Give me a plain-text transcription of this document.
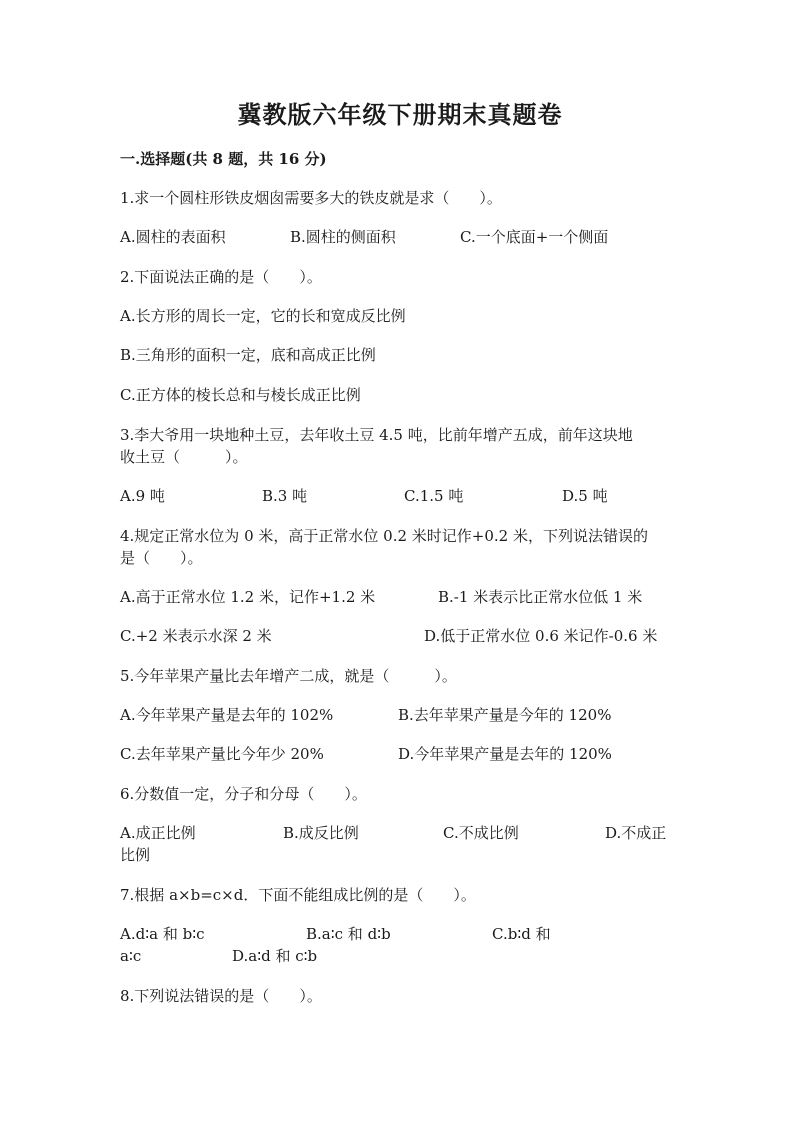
冀教版六年级下册期末真题卷
一.选择题(共 8 题，共 16 分)
1.求一个圆柱形铁皮烟囱需要多大的铁皮就是求（　　）。
A.圆柱的表面积	B.圆柱的侧面积	C.一个底面+一个侧面
2.下面说法正确的是（　　）。
A.长方形的周长一定，它的长和宽成反比例
B.三角形的面积一定，底和高成正比例
C.正方体的棱长总和与棱长成正比例
3.李大爷用一块地种土豆，去年收土豆 4.5 吨，比前年增产五成，前年这块地
收土豆（　　　）。
A.9 吨	B.3 吨	C.1.5 吨	D.5 吨
4.规定正常水位为 0 米，高于正常水位 0.2 米时记作+0.2 米，下列说法错误的
是（　　）。
A.高于正常水位 1.2 米，记作+1.2 米	B.-1 米表示比正常水位低 1 米
C.+2 米表示水深 2 米	D.低于正常水位 0.6 米记作-0.6 米
5.今年苹果产量比去年增产二成，就是（　　　）。
A.今年苹果产量是去年的 102%	B.去年苹果产量是今年的 120%
C.去年苹果产量比今年少 20%	D.今年苹果产量是去年的 120%
6.分数值一定，分子和分母（　　）。
A.成正比例	B.成反比例	C.不成比例	D.不成正
比例
7.根据 a×b=c×d．下面不能组成比例的是（　　）。
A.d∶a 和 b∶c	B.a∶c 和 d∶b	C.b∶d 和
a∶c	D.a∶d 和 c∶b
8.下列说法错误的是（　　）。
